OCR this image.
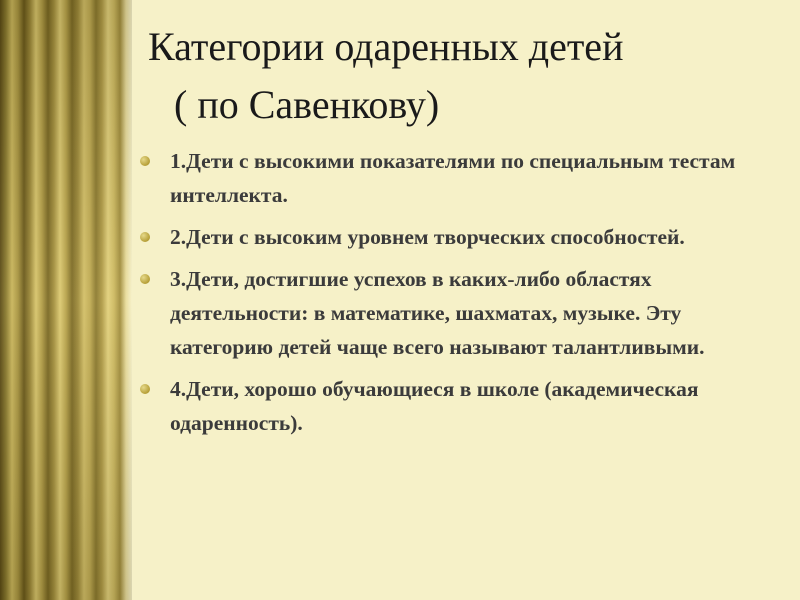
Категории одаренных детей
( по Савенкову)
1.Дети с высокими показателями по специальным тестам интеллекта.
2.Дети с высоким уровнем творческих способностей.
3.Дети, достигшие успехов в каких-либо областях деятельности: в математике, шахматах, музыке. Эту категорию детей чаще всего называют талантливыми.
4.Дети, хорошо обучающиеся в школе (академическая одаренность).
